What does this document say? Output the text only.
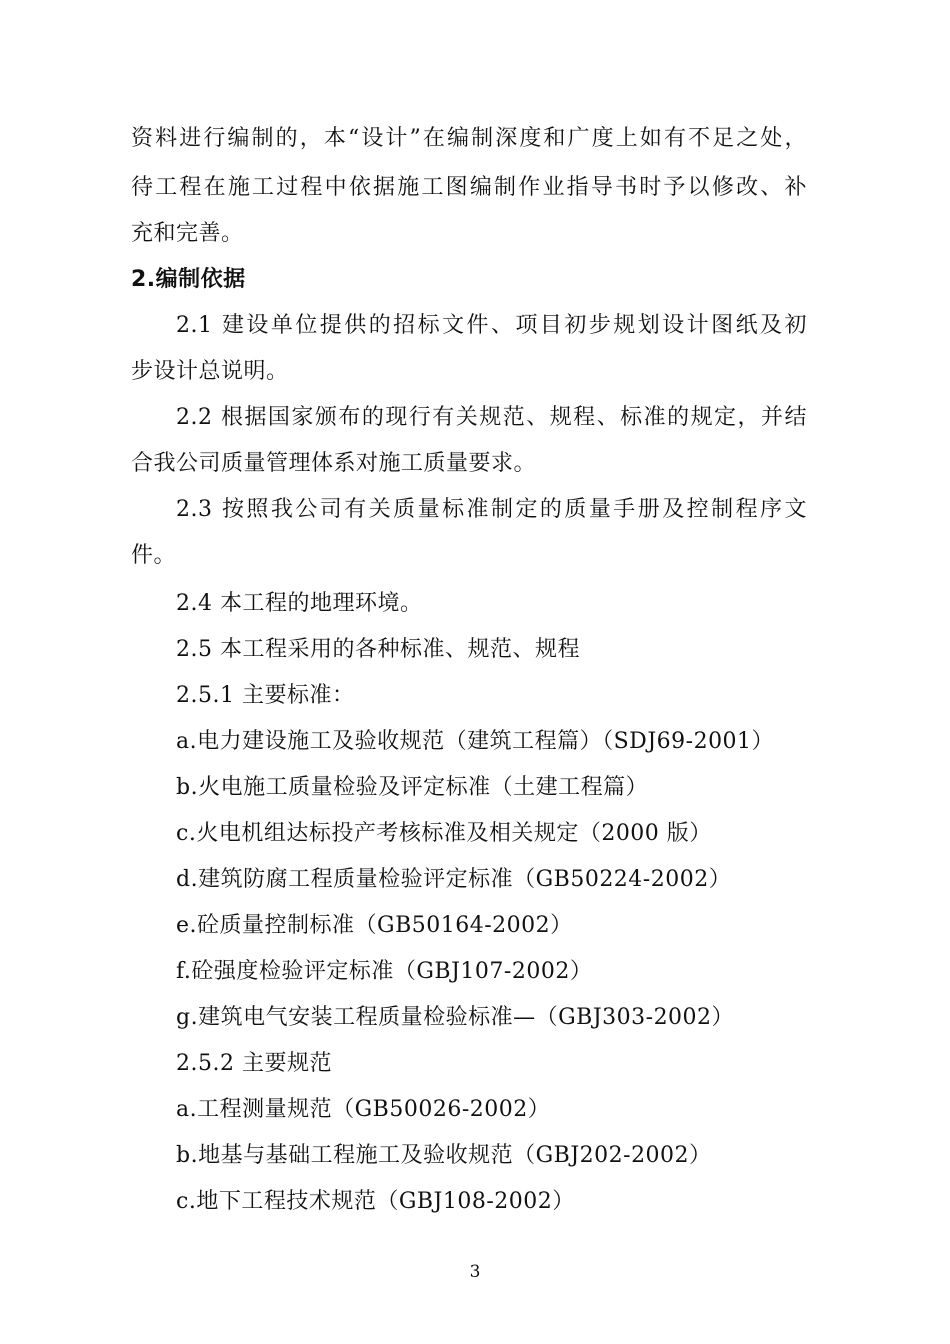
资料进行编制的，本“设计”在编制深度和广度上如有不足之处，
待工程在施工过程中依据施工图编制作业指导书时予以修改、补
充和完善。
2.编制依据
2.1 建设单位提供的招标文件、项目初步规划设计图纸及初
步设计总说明。
2.2 根据国家颁布的现行有关规范、规程、标准的规定，并结
合我公司质量管理体系对施工质量要求。
2.3 按照我公司有关质量标准制定的质量手册及控制程序文
件。
2.4 本工程的地理环境。
2.5 本工程采用的各种标准、规范、规程
2.5.1 主要标准：
a.电力建设施工及验收规范（建筑工程篇）（SDJ69-2001）
b.火电施工质量检验及评定标准（土建工程篇）
c.火电机组达标投产考核标准及相关规定（2000 版）
d.建筑防腐工程质量检验评定标准（GB50224-2002）
e.砼质量控制标准（GB50164-2002）
f.砼强度检验评定标准（GBJ107-2002）
g.建筑电气安装工程质量检验标准—（GBJ303-2002）
2.5.2 主要规范
a.工程测量规范（GB50026-2002）
b.地基与基础工程施工及验收规范（GBJ202-2002）
c.地下工程技术规范（GBJ108-2002）
3
